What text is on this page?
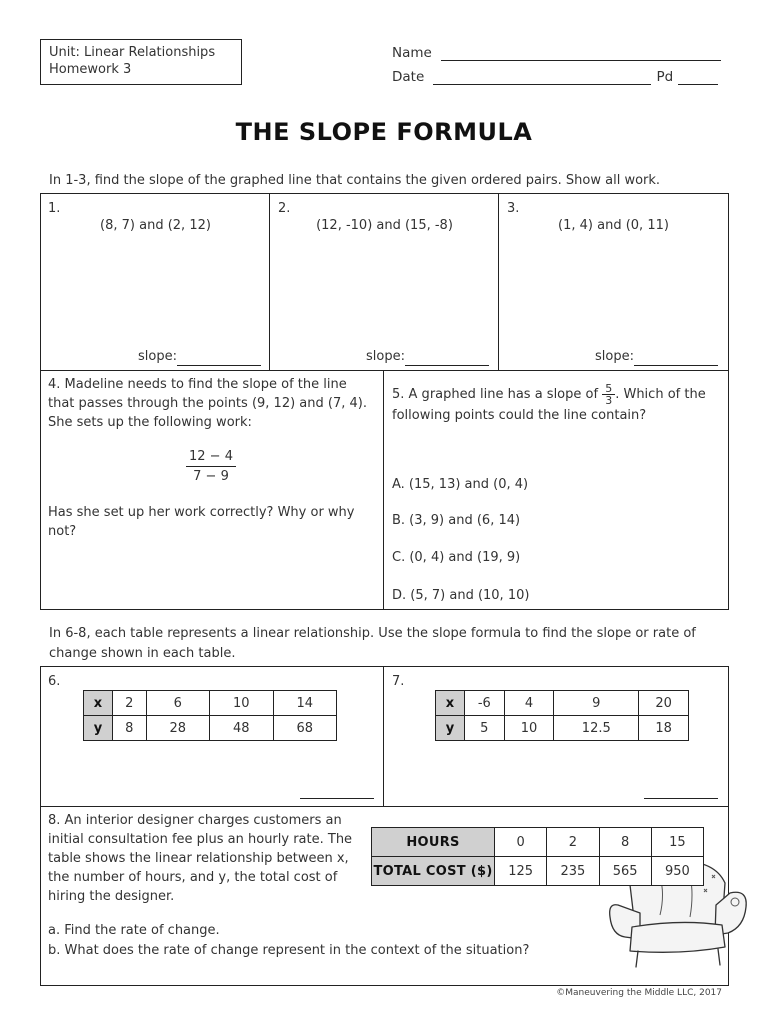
Unit: Linear Relationships
Homework 3
Name
Date	Pd
THE SLOPE FORMULA
In 1-3, find the slope of the graphed line that contains the given ordered pairs. Show all work.
1.
(8, 7) and (2, 12)
slope:
2.
(12, -10) and (15, -8)
slope:
3.
(1, 4) and (0, 11)
slope:
4. Madeline needs to find the slope of the line that passes through the points (9, 12) and (7, 4). She sets up the following work:
$\frac{12 - 4}{7 - 9}$
Has she set up her work correctly? Why or why not?
5. A graphed line has a slope of $\frac{5}{3}$ . Which of the following points could the line contain?
A. (15, 13) and (0, 4)
B. (3, 9) and (6, 14)
C. (0, 4) and (19, 9)
D. (5, 7) and (10, 10)
In 6-8, each table represents a linear relationship. Use the slope formula to find the slope or rate of change shown in each table.
6.
x	2	6	10	14
y	8	28	48	68
7.
x	-6	4	9	20
y	5	10	12.5	18
8. An interior designer charges customers an initial consultation fee plus an hourly rate. The table shows the linear relationship between x, the number of hours, and y, the total cost of hiring the designer.
HOURS	0	2	8	15
TOTAL COST ($)	125	235	565	950
a. Find the rate of change.
b. What does the rate of change represent in the context of the situation?
©Maneuvering the Middle LLC, 2017
